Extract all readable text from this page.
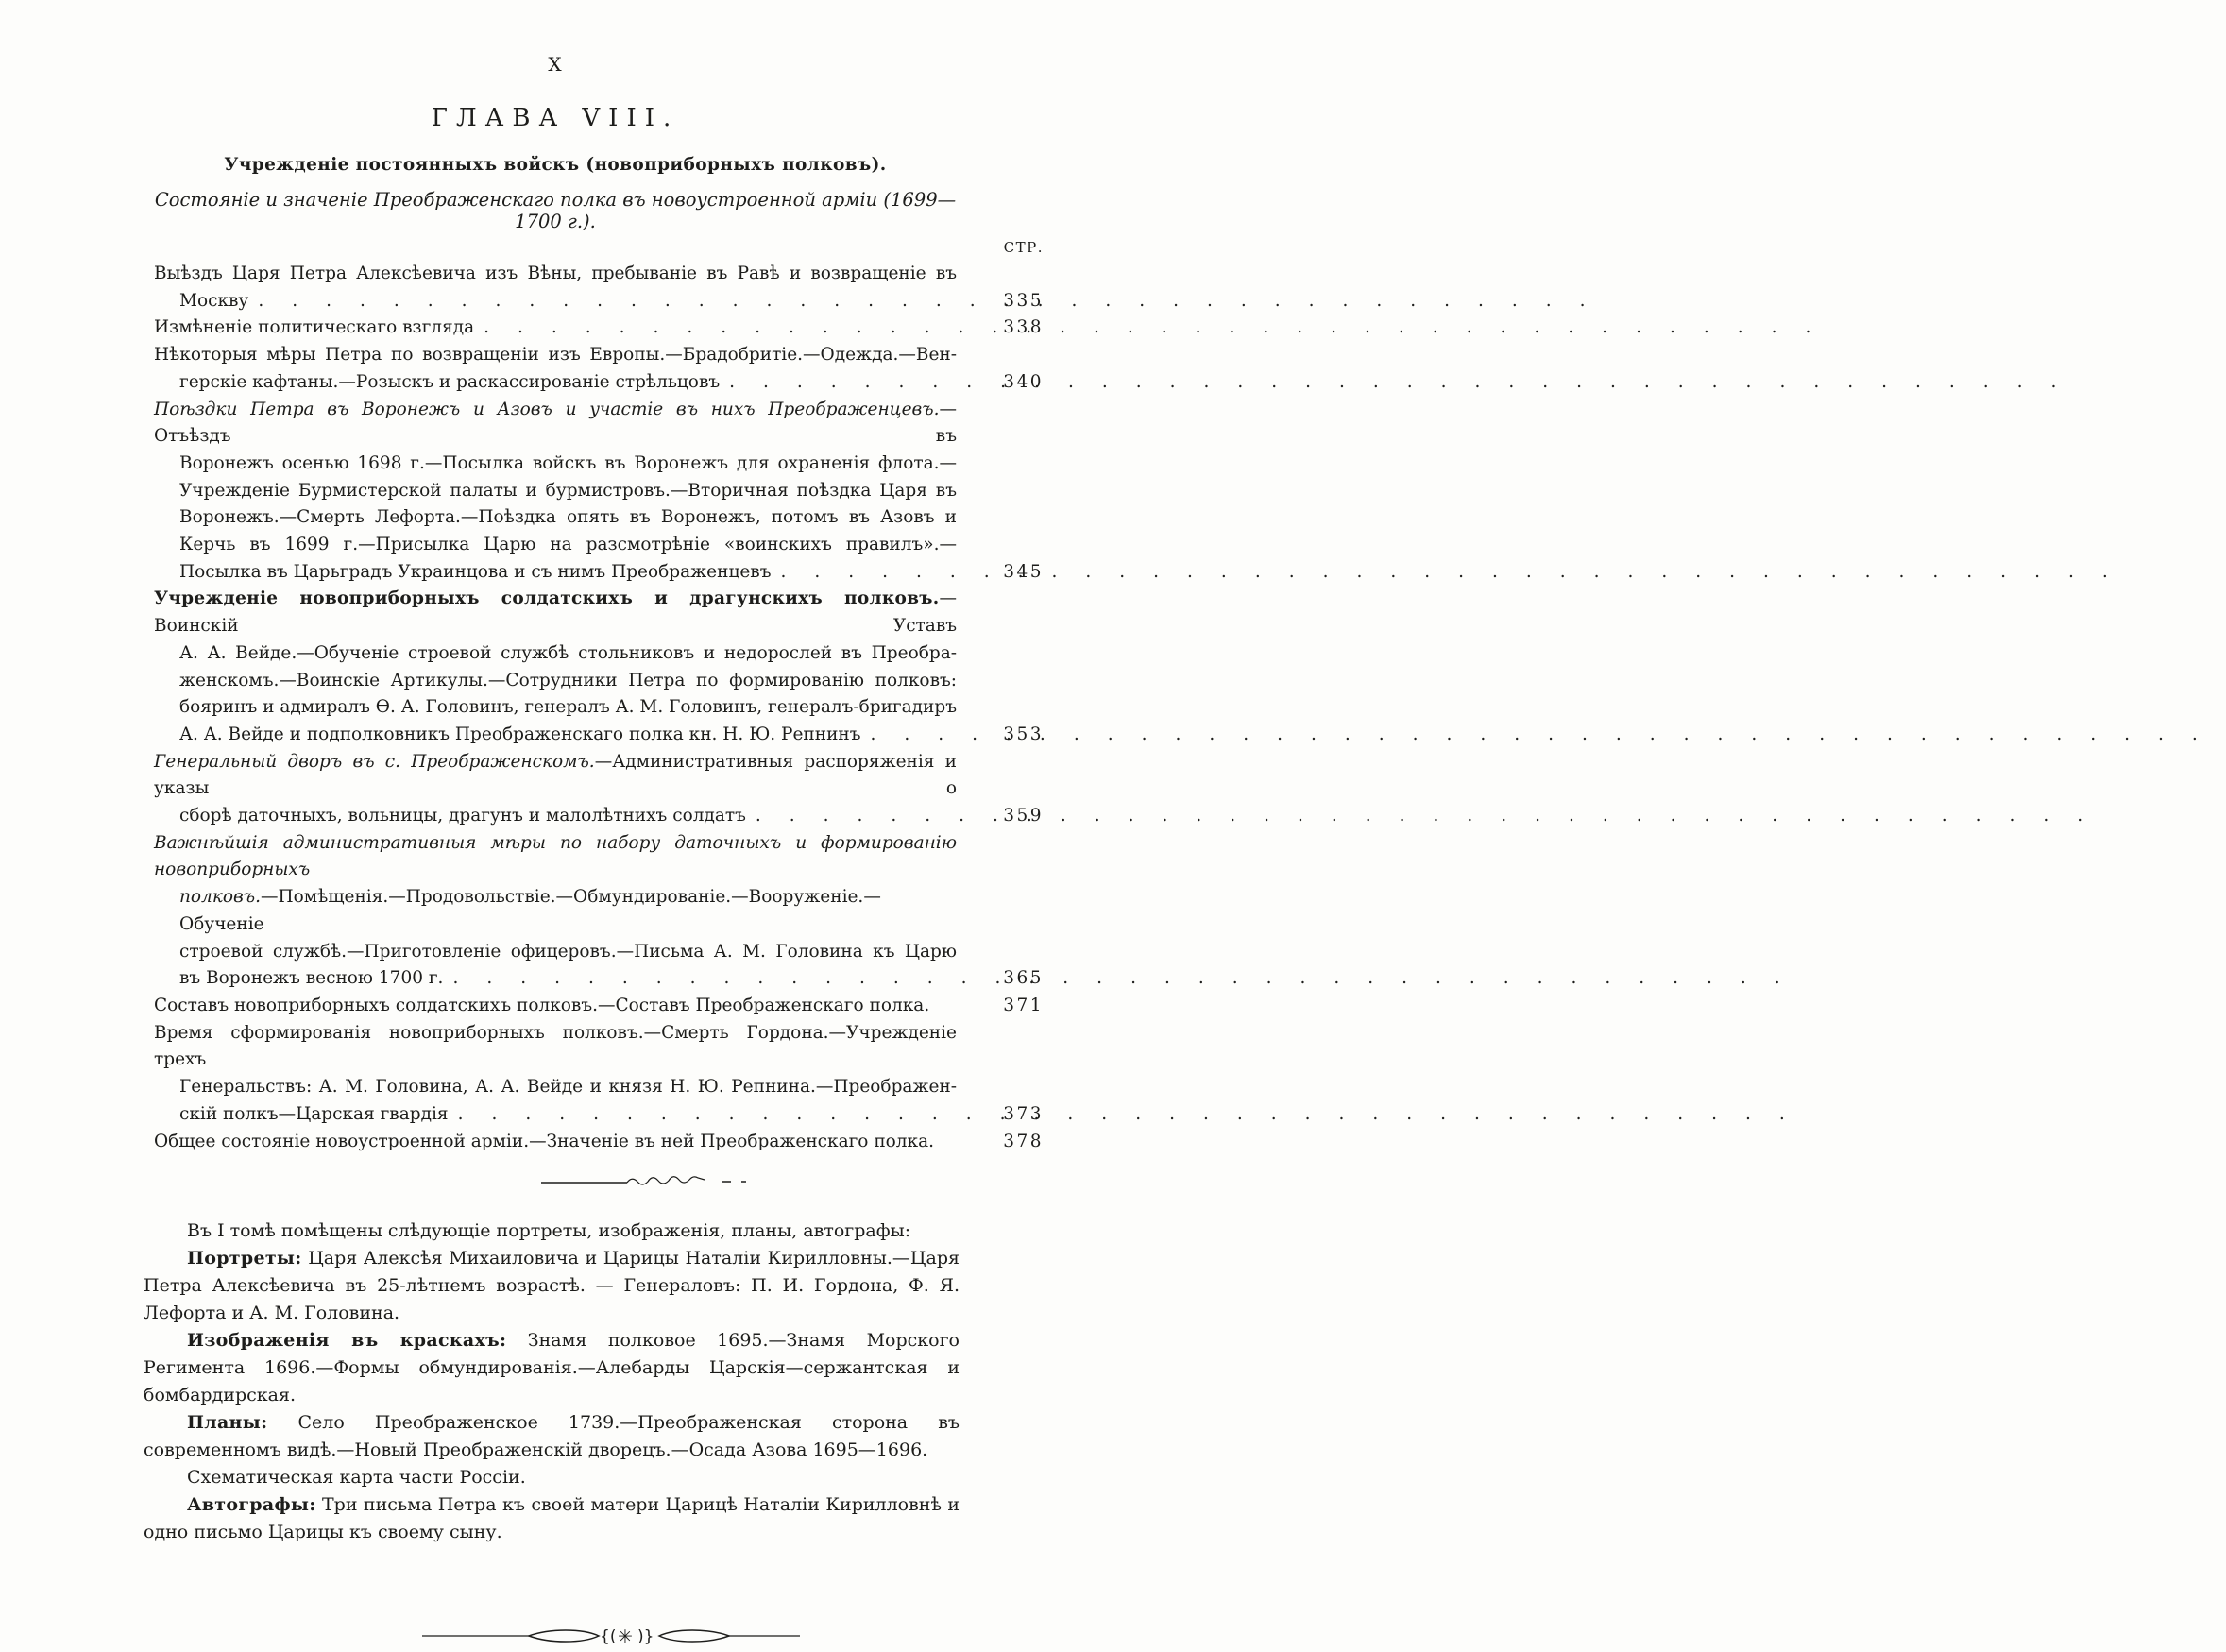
X
ГЛАВА VIII.
Учрежденіе постоянныхъ войскъ (новоприборныхъ полковъ).
Состояніе и значеніе Преображенскаго полка въ новоустроенной арміи (1699—1700 г.).
СТР.
Выѣздъ Царя Петра Алексѣевича изъ Вѣны, пребываніе въ Равѣ и возвращеніе въ
Москву .....	335
Измѣненіе политическаго взгляда .....	338
Нѣкоторыя мѣры Петра по возвращеніи изъ Европы.—Брадобритіе.—Одежда.—Вен-
герскіе кафтаны.—Розыскъ и раскассированіе стрѣльцовъ .....	340
Поѣздки Петра въ Воронежъ и Азовъ и участіе въ нихъ Преображенцевъ.—Отъѣздъ въ
Воронежъ осенью 1698 г.—Посылка войскъ въ Воронежъ для охраненія флота.—
Учрежденіе Бурмистерской палаты и бурмистровъ.—Вторичная поѣздка Царя въ
Воронежъ.—Смерть Лефорта.—Поѣздка опять въ Воронежъ, потомъ въ Азовъ и
Керчь въ 1699 г.—Присылка Царю на разсмотрѣніе «воинскихъ правилъ».—
Посылка въ Царьградъ Украинцова и съ нимъ Преображенцевъ .....	345
Учрежденіе новоприборныхъ солдатскихъ и драгунскихъ полковъ.—Воинскій Уставъ
А. А. Вейде.—Обученіе строевой службѣ стольниковъ и недорослей въ Преобра-
женскомъ.—Воинскіе Артикулы.—Сотрудники Петра по формированію полковъ:
бояринъ и адмиралъ Ѳ. А. Головинъ, генералъ А. М. Головинъ, генералъ-бригадиръ
А. А. Вейде и подполковникъ Преображенскаго полка кн. Н. Ю. Репнинъ .....	353
Генеральный дворъ въ с. Преображенскомъ.—Административныя распоряженія и указы о
сборѣ даточныхъ, вольницы, драгунъ и малолѣтнихъ солдатъ .....	359
Важнѣйшія административныя мѣры по набору даточныхъ и формированію новоприборныхъ
полковъ.—Помѣщенія.—Продовольствіе.—Обмундированіе.—Вооруженіе.—Обученіе
строевой службѣ.—Приготовленіе офицеровъ.—Письма А. М. Головина къ Царю
въ Воронежъ весною 1700 г. .....	365
Составъ новоприборныхъ солдатскихъ полковъ.—Составъ Преображенскаго полка.	371
Время сформированія новоприборныхъ полковъ.—Смерть Гордона.—Учрежденіе трехъ
Генеральствъ: А. М. Головина, А. А. Вейде и князя Н. Ю. Репнина.—Преображен-
скій полкъ—Царская гвардія .....	373
Общее состояніе новоустроенной арміи.—Значеніе въ ней Преображенскаго полка.	378

Въ I томѣ помѣщены слѣдующіе портреты, изображенія, планы, автографы:

Портреты: Царя Алексѣя Михаиловича и Царицы Наталіи Кирилловны.—Царя Петра Алексѣевича въ 25-лѣтнемъ возрастѣ. — Генераловъ: П. И. Гордона, Ф. Я. Лефорта и А. М. Головина.

Изображенія въ краскахъ: Знамя полковое 1695.—Знамя Морского Регимента 1696.—Формы обмундированія.—Алебарды Царскія—сержантская и бомбардирская.

Планы: Село Преображенское 1739.—Преображенская сторона въ современномъ видѣ.—Новый Преображенскій дворецъ.—Осада Азова 1695—1696.

Схематическая карта части Россіи.

Автографы: Три письма Петра къ своей матери Царицѣ Наталіи Кирилловнѣ и одно письмо Царицы къ своему сыну.

{( ✳ )}
